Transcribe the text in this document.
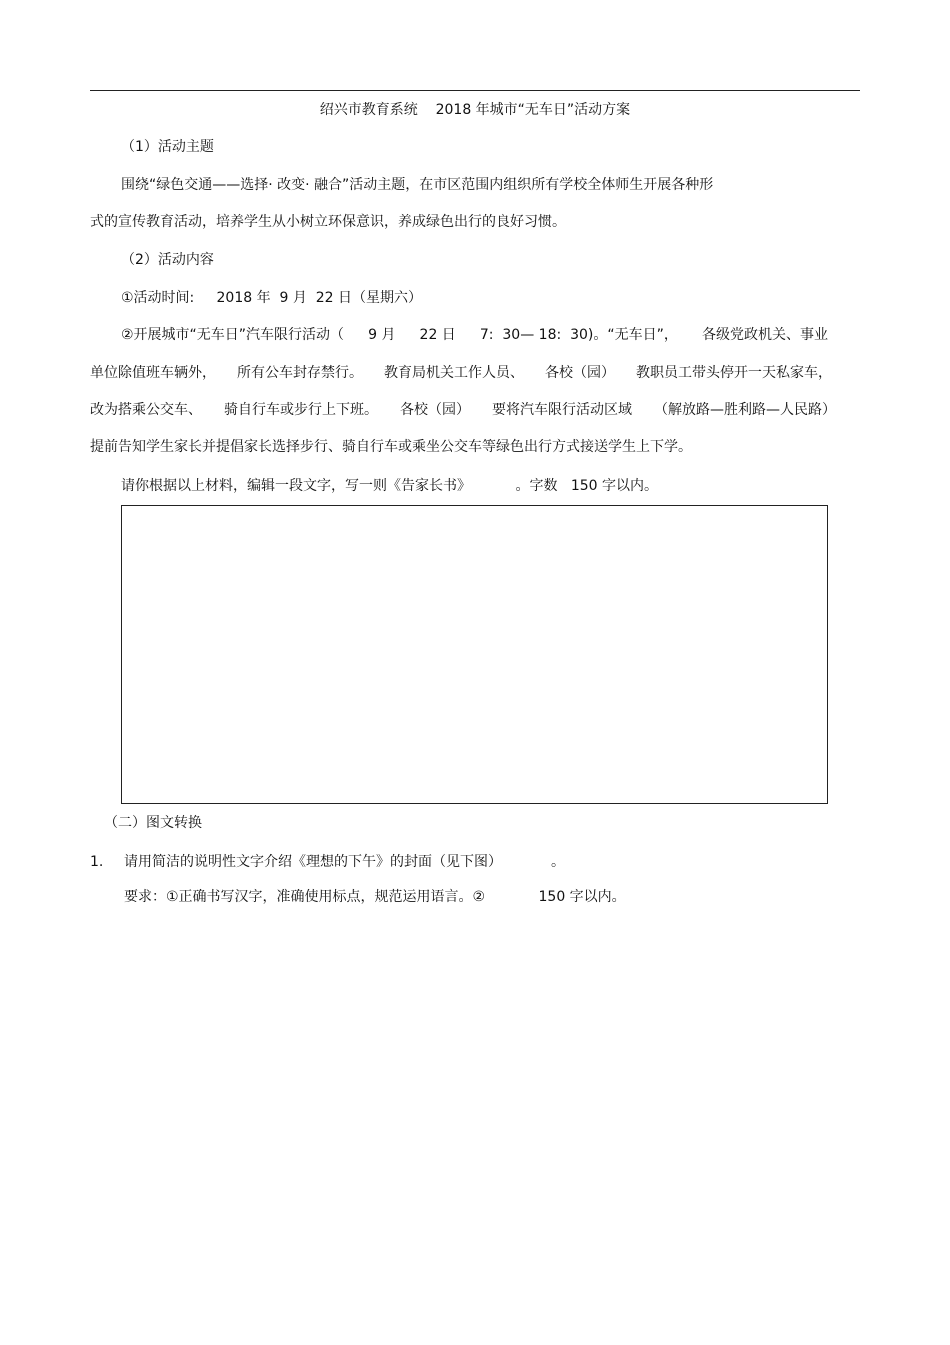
绍兴市教育系统    2018 年城市“无车日”活动方案
（1）活动主题
围绕“绿色交通——选择· 改变· 融合”活动主题，在市区范围内组织所有学校全体师生开展各种形
式的宣传教育活动，培养学生从小树立环保意识，养成绿色出行的良好习惯。
（2）活动内容
①活动时间:     2018 年  9 月  22 日（星期六）
②开展城市“无车日”汽车限行活动（ 9 月 22 日 7:  30— 18:  30)。“无车日”， 各级党政机关、事业
单位除值班车辆外， 所有公车封存禁行。 教育局机关工作人员、 各校（园） 教职员工带头停开一天私家车，
改为搭乘公交车、 骑自行车或步行上下班。 各校（园） 要将汽车限行活动区域 （解放路—胜利路—人民路）
提前告知学生家长并提倡家长选择步行、骑自行车或乘坐公交车等绿色出行方式接送学生上下学。
请你根据以上材料，编辑一段文字，写一则《告家长书》          。字数   150 字以内。
（二）图文转换
1. 请用简洁的说明性文字介绍《理想的下午》的封面（见下图）           。
要求：①正确书写汉字，准确使用标点，规范运用语言。②            150 字以内。
